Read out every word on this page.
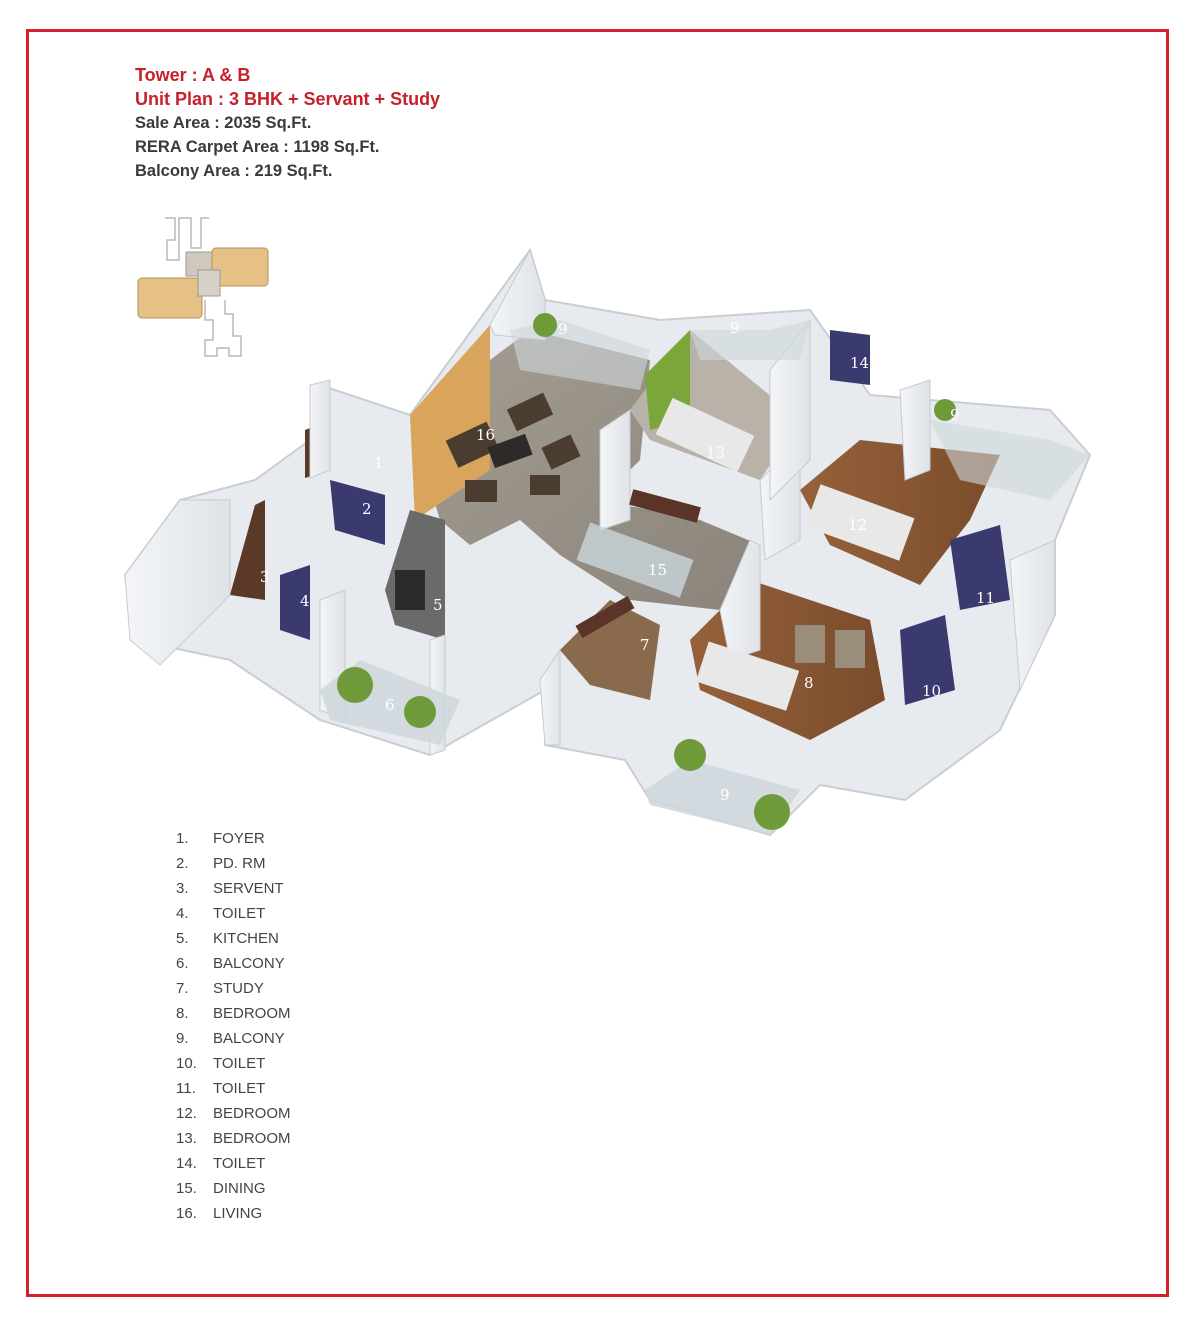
Tower : A & B
Unit Plan : 3 BHK + Servant + Study
Sale Area : 2035 Sq.Ft.
RERA Carpet Area : 1198 Sq.Ft.
Balcony Area : 219 Sq.Ft.
1
2
3
4	5
6
7
8
9	9
9
9
10
11
12
13
14
15
16
1.	FOYER
2.	PD. RM
3.	SERVENT
4.	TOILET
5.	KITCHEN
6.	BALCONY
7.	STUDY
8.	BEDROOM
9.	BALCONY
10.	TOILET
11.	TOILET
12.	BEDROOM
13.	BEDROOM
14.	TOILET
15.	DINING
16.	LIVING
